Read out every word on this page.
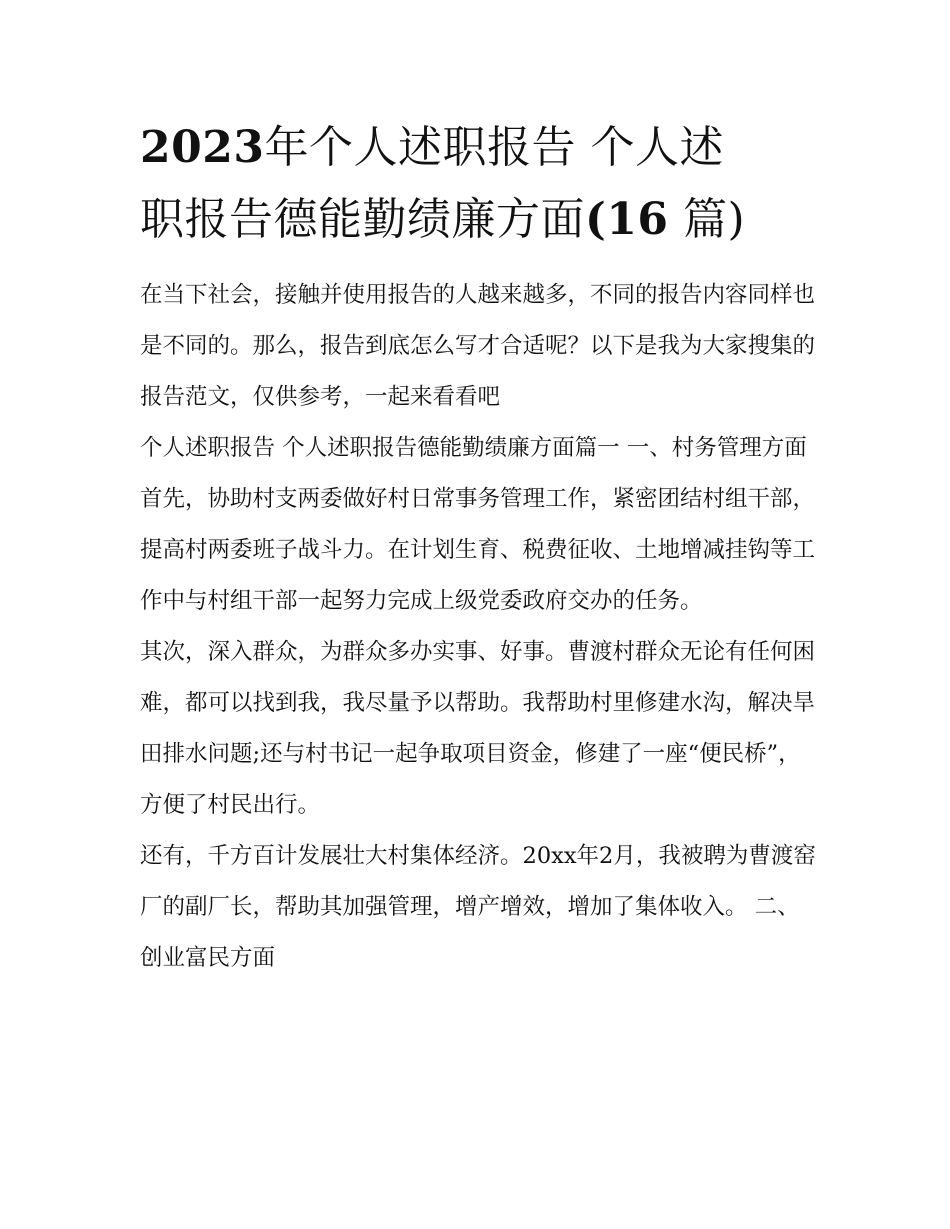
2023年个人述职报告 个人述
职报告德能勤绩廉方面(16 篇)

在当下社会，接触并使用报告的人越来越多，不同的报告内容同样也是不同的。那么，报告到底怎么写才合适呢？以下是我为大家搜集的报告范文，仅供参考，一起来看看吧

个人述职报告 个人述职报告德能勤绩廉方面篇一 一、村务管理方面

首先，协助村支两委做好村日常事务管理工作，紧密团结村组干部，提高村两委班子战斗力。在计划生育、税费征收、土地增减挂钩等工作中与村组干部一起努力完成上级党委政府交办的任务。

其次，深入群众，为群众多办实事、好事。曹渡村群众无论有任何困难，都可以找到我，我尽量予以帮助。我帮助村里修建水沟，解决旱田排水问题;还与村书记一起争取项目资金，修建了一座“便民桥”，方便了村民出行。

还有，千方百计发展壮大村集体经济。20xx年2月，我被聘为曹渡窑厂的副厂长，帮助其加强管理，增产增效，增加了集体收入。 二、创业富民方面
